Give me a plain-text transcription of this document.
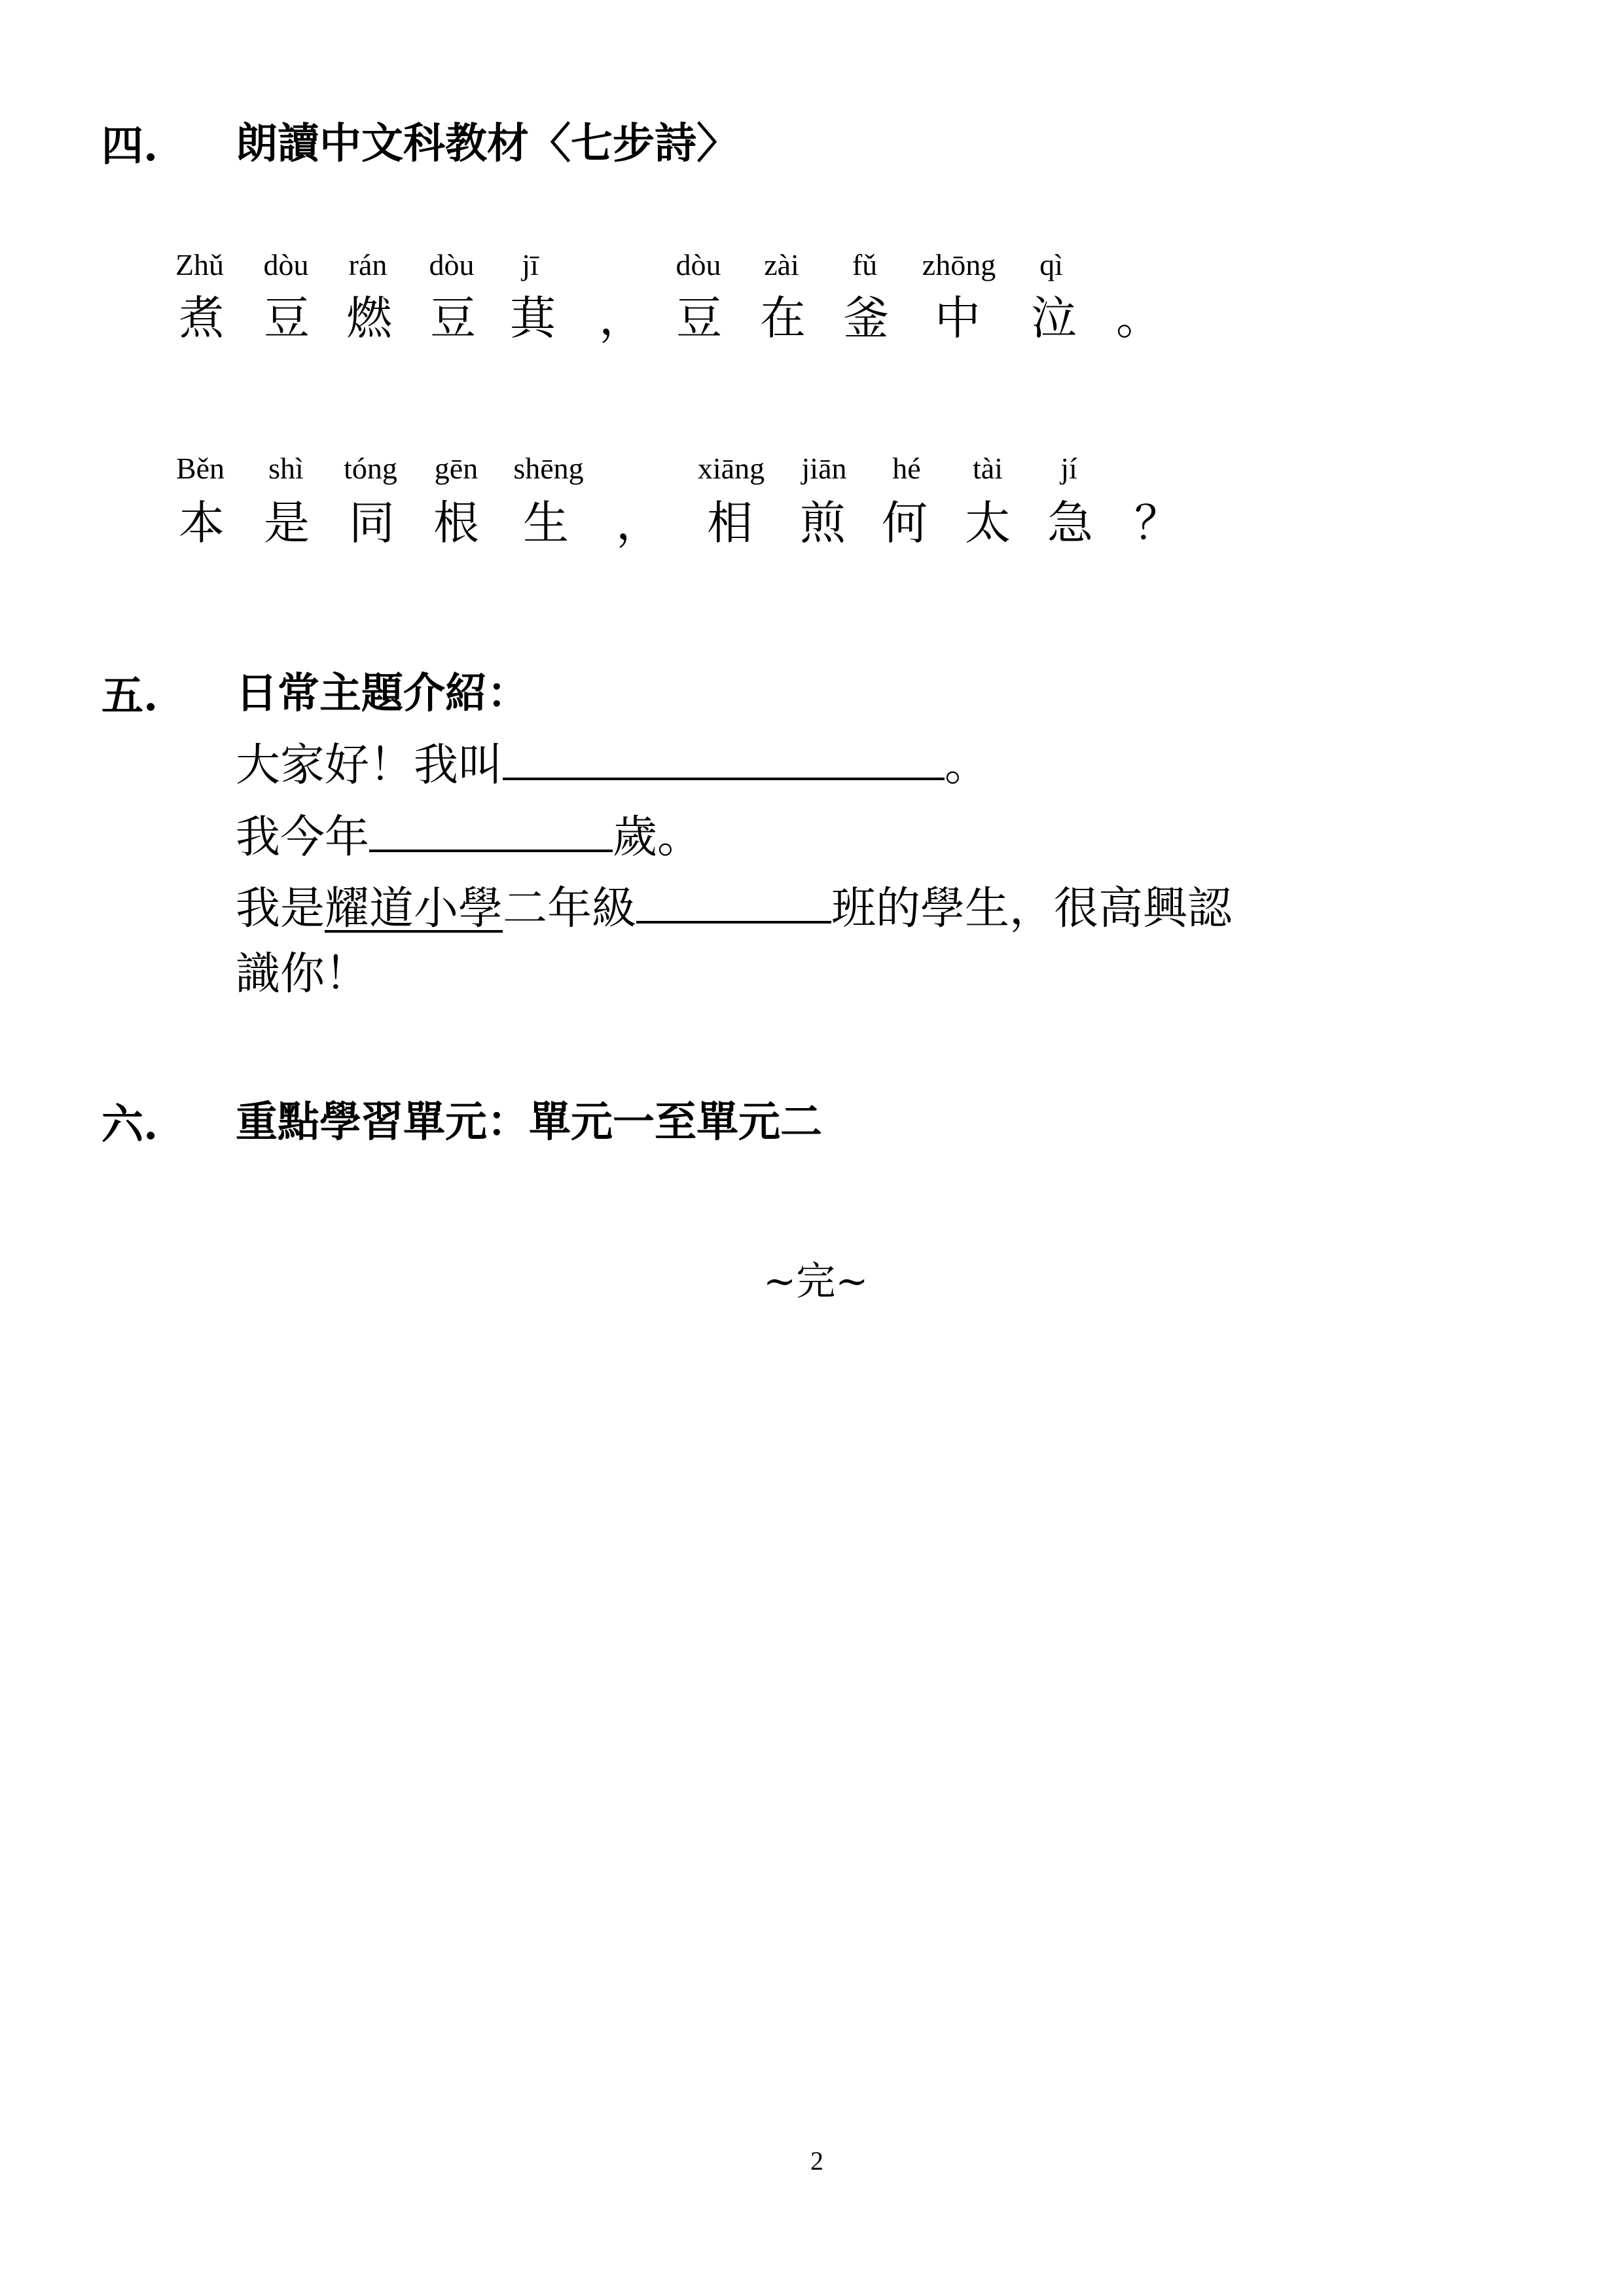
四. 朗讀中文科教材〈七步詩〉
Zhǔ dòu rán dòu jī	dòu zài fǔ zhōng qì
煮 豆 燃 豆 萁 ， 豆 在 釜 中 泣 。
Běn shì tóng gēn shēng	xiāng jiān hé tài jí
本 是 同 根 生 ， 相 煎 何 太 急 ？
五. 日常主題介紹：
大家好！我叫	。
我今年	歲。
我是耀道小學二年級	班的學生，很高興認
識你！
六. 重點學習單元：單元一至單元二
~完~
2
